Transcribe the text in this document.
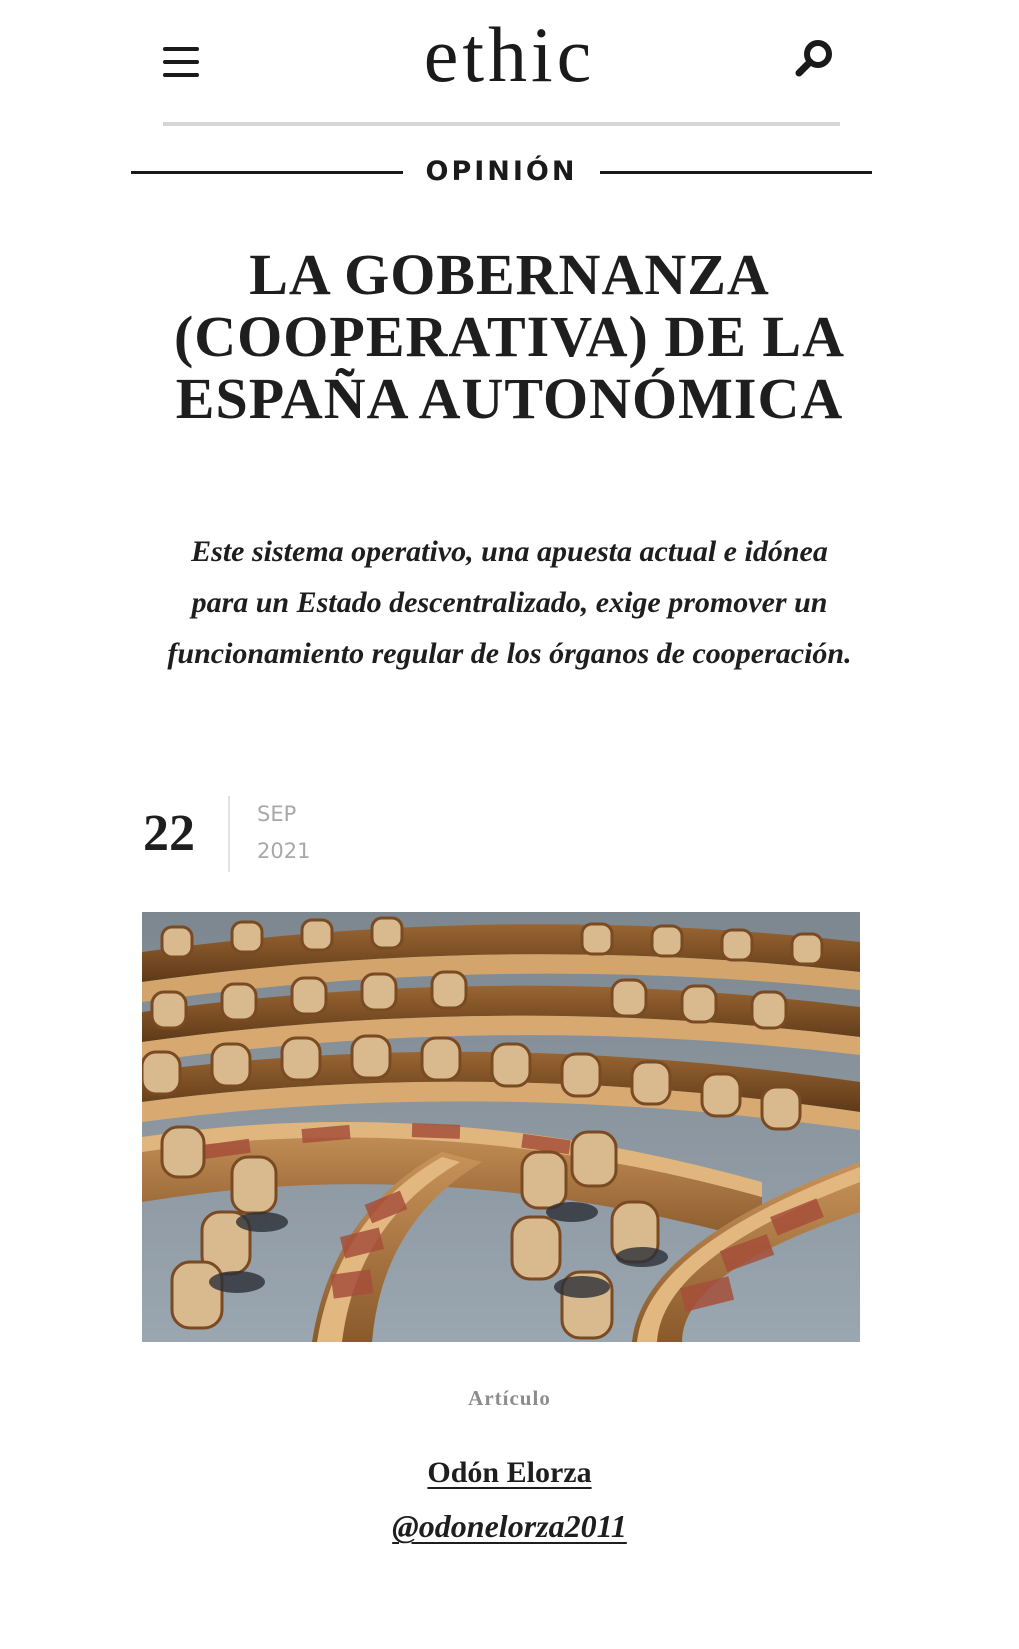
ethic
OPINIÓN
LA GOBERNANZA (COOPERATIVA) DE LA ESPAÑA AUTONÓMICA

Este sistema operativo, una apuesta actual e idónea para un Estado descentralizado, exige promover un funcionamiento regular de los órganos de cooperación.

22	SEP
2021
Artículo
Odón Elorza
@odonelorza2011
